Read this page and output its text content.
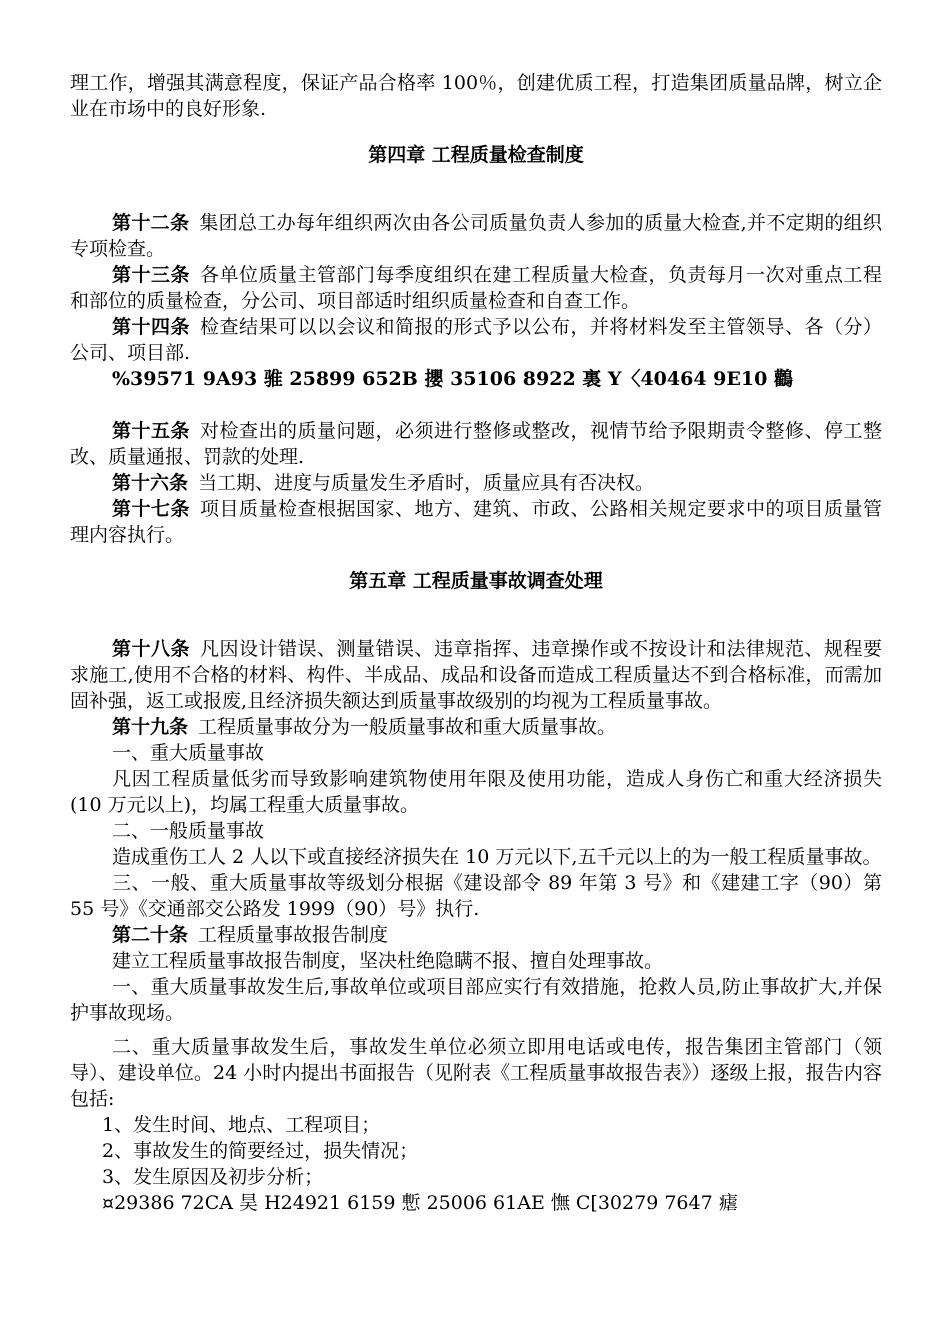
理工作，增强其满意程度，保证产品合格率 100％，创建优质工程，打造集团质量品牌，树立企业在市场中的良好形象.

第四章 工程质量检查制度

第十二条 集团总工办每年组织两次由各公司质量负责人参加的质量大检查,并不定期的组织专项检查。

第十三条 各单位质量主管部门每季度组织在建工程质量大检查，负责每月一次对重点工程和部位的质量检查，分公司、项目部适时组织质量检查和自查工作。

第十四条 检查结果可以以会议和简报的形式予以公布，并将材料发至主管领导、各（分）公司、项目部.

%39571 9A93 骓 25899 652B 攖 35106 8922 裏 Y〈40464 9E10 鸛

第十五条 对检查出的质量问题，必须进行整修或整改，视情节给予限期责令整修、停工整改、质量通报、罚款的处理.

第十六条 当工期、进度与质量发生矛盾时，质量应具有否决权。

第十七条 项目质量检查根据国家、地方、建筑、市政、公路相关规定要求中的项目质量管理内容执行。

第五章 工程质量事故调查处理

第十八条 凡因设计错误、测量错误、违章指挥、违章操作或不按设计和法律规范、规程要求施工,使用不合格的材料、构件、半成品、成品和设备而造成工程质量达不到合格标准，而需加固补强，返工或报废,且经济损失额达到质量事故级别的均视为工程质量事故。

第十九条 工程质量事故分为一般质量事故和重大质量事故。

一、重大质量事故

凡因工程质量低劣而导致影响建筑物使用年限及使用功能，造成人身伤亡和重大经济损失(10 万元以上)，均属工程重大质量事故。

二、一般质量事故

造成重伤工人 2 人以下或直接经济损失在 10 万元以下,五千元以上的为一般工程质量事故。

三、一般、重大质量事故等级划分根据《建设部令 89 年第 3 号》和《建建工字（90）第 55 号》《交通部交公路发 1999（90）号》执行.

第二十条 工程质量事故报告制度

建立工程质量事故报告制度，坚决杜绝隐瞒不报、擅自处理事故。

一、重大质量事故发生后,事故单位或项目部应实行有效措施，抢救人员,防止事故扩大,并保护事故现场。

二、重大质量事故发生后，事故发生单位必须立即用电话或电传，报告集团主管部门（领导）、建设单位。24 小时内提出书面报告（见附表《工程质量事故报告表》）逐级上报，报告内容包括:

1、发生时间、地点、工程项目；

2、事故发生的简要经过，损失情况；

3、发生原因及初步分析；

¤29386 72CA 昊 H24921 6159 慙 25006 61AE 憮 C[30279 7647 瘧
